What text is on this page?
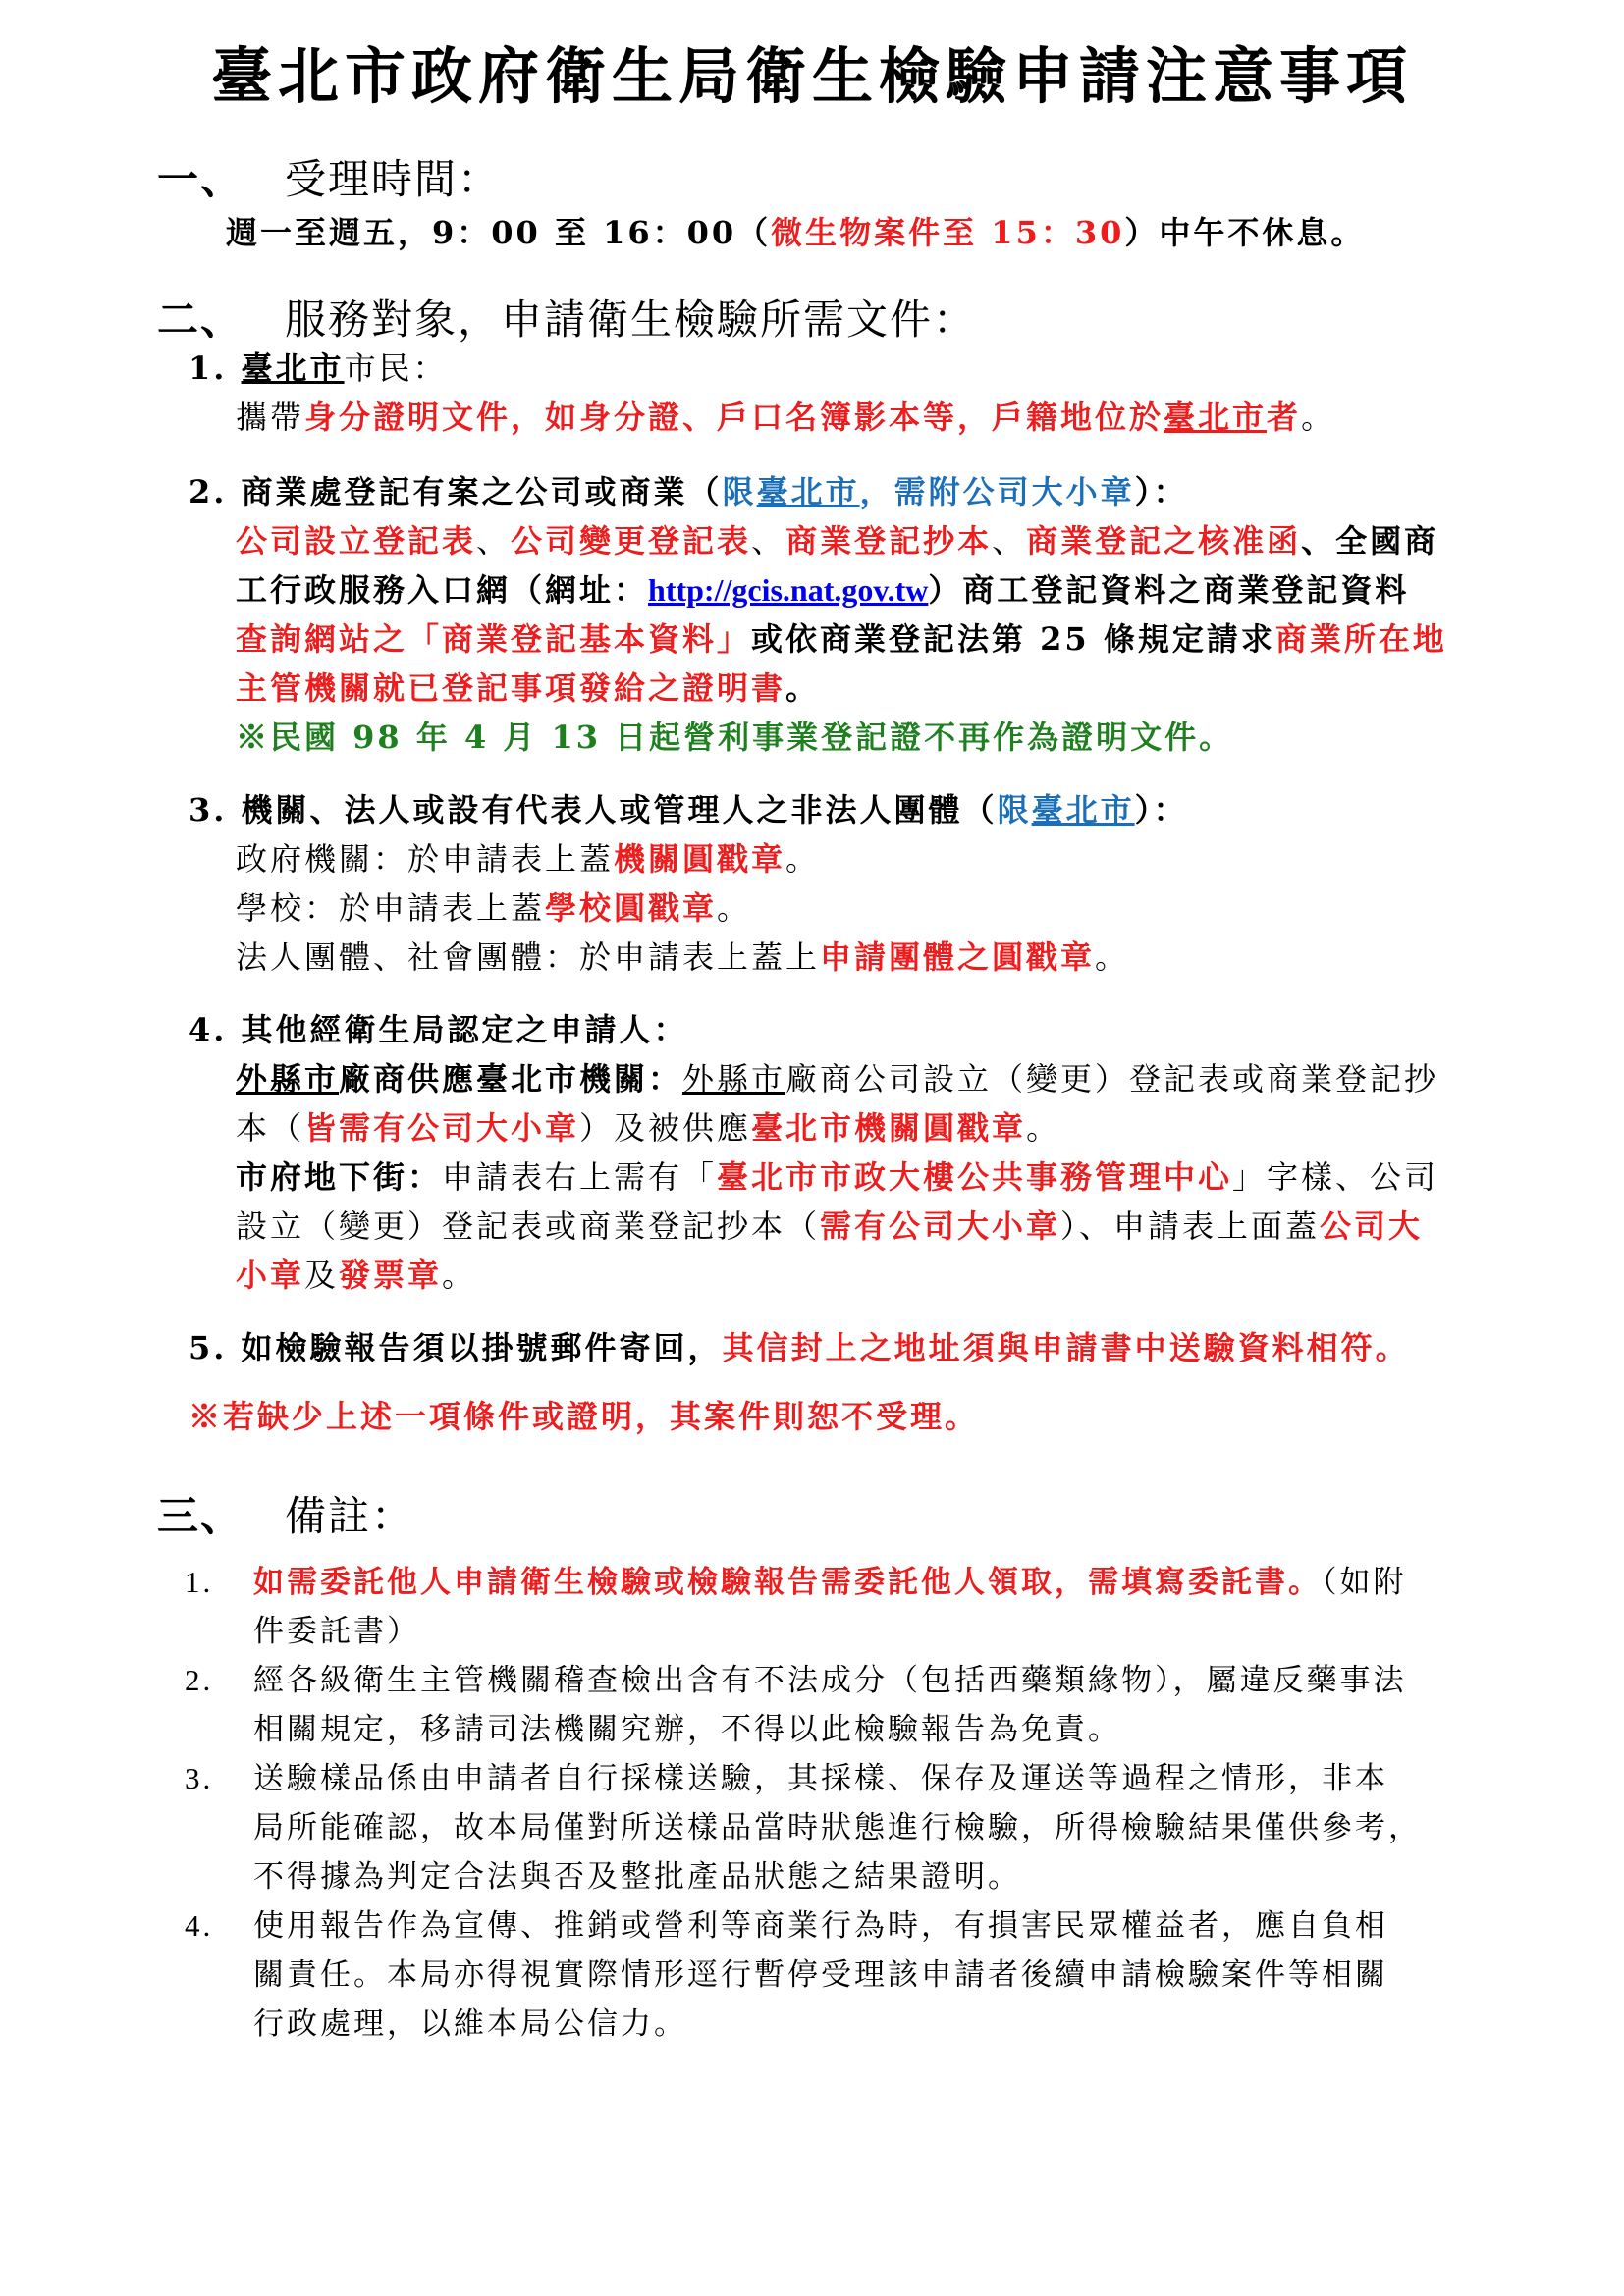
臺北市政府衛生局衛生檢驗申請注意事項
一、 受理時間：
週一至週五，9：00 至 16：00（微生物案件至 15：30）中午不休息。
二、 服務對象，申請衛生檢驗所需文件：
1. 臺北市市民：
攜帶身分證明文件，如身分證、戶口名簿影本等，戶籍地位於臺北市者。
2. 商業處登記有案之公司或商業（限臺北市，需附公司大小章）：
公司設立登記表、公司變更登記表、商業登記抄本、商業登記之核准函、全國商
工行政服務入口網（網址：http://gcis.nat.gov.tw）商工登記資料之商業登記資料
查詢網站之「商業登記基本資料」或依商業登記法第 25 條規定請求商業所在地
主管機關就已登記事項發給之證明書。
※民國 98 年 4 月 13 日起營利事業登記證不再作為證明文件。
3. 機關、法人或設有代表人或管理人之非法人團體（限臺北市）：
政府機關：於申請表上蓋機關圓戳章。
學校：於申請表上蓋學校圓戳章。
法人團體、社會團體：於申請表上蓋上申請團體之圓戳章。
4. 其他經衛生局認定之申請人：
外縣市廠商供應臺北市機關：外縣市廠商公司設立（變更）登記表或商業登記抄
本（皆需有公司大小章）及被供應臺北市機關圓戳章。
市府地下街：申請表右上需有「臺北市市政大樓公共事務管理中心」字樣、公司
設立（變更）登記表或商業登記抄本（需有公司大小章）、申請表上面蓋公司大
小章及發票章。
5. 如檢驗報告須以掛號郵件寄回，其信封上之地址須與申請書中送驗資料相符。
※若缺少上述一項條件或證明，其案件則恕不受理。
三、 備註：
1. 如需委託他人申請衛生檢驗或檢驗報告需委託他人領取，需填寫委託書。（如附
件委託書）
2. 經各級衛生主管機關稽查檢出含有不法成分（包括西藥類緣物），屬違反藥事法
相關規定，移請司法機關究辦，不得以此檢驗報告為免責。
3. 送驗樣品係由申請者自行採樣送驗，其採樣、保存及運送等過程之情形，非本
局所能確認，故本局僅對所送樣品當時狀態進行檢驗，所得檢驗結果僅供參考，
不得據為判定合法與否及整批產品狀態之結果證明。
4. 使用報告作為宣傳、推銷或營利等商業行為時，有損害民眾權益者，應自負相
關責任。本局亦得視實際情形逕行暫停受理該申請者後續申請檢驗案件等相關
行政處理，以維本局公信力。
